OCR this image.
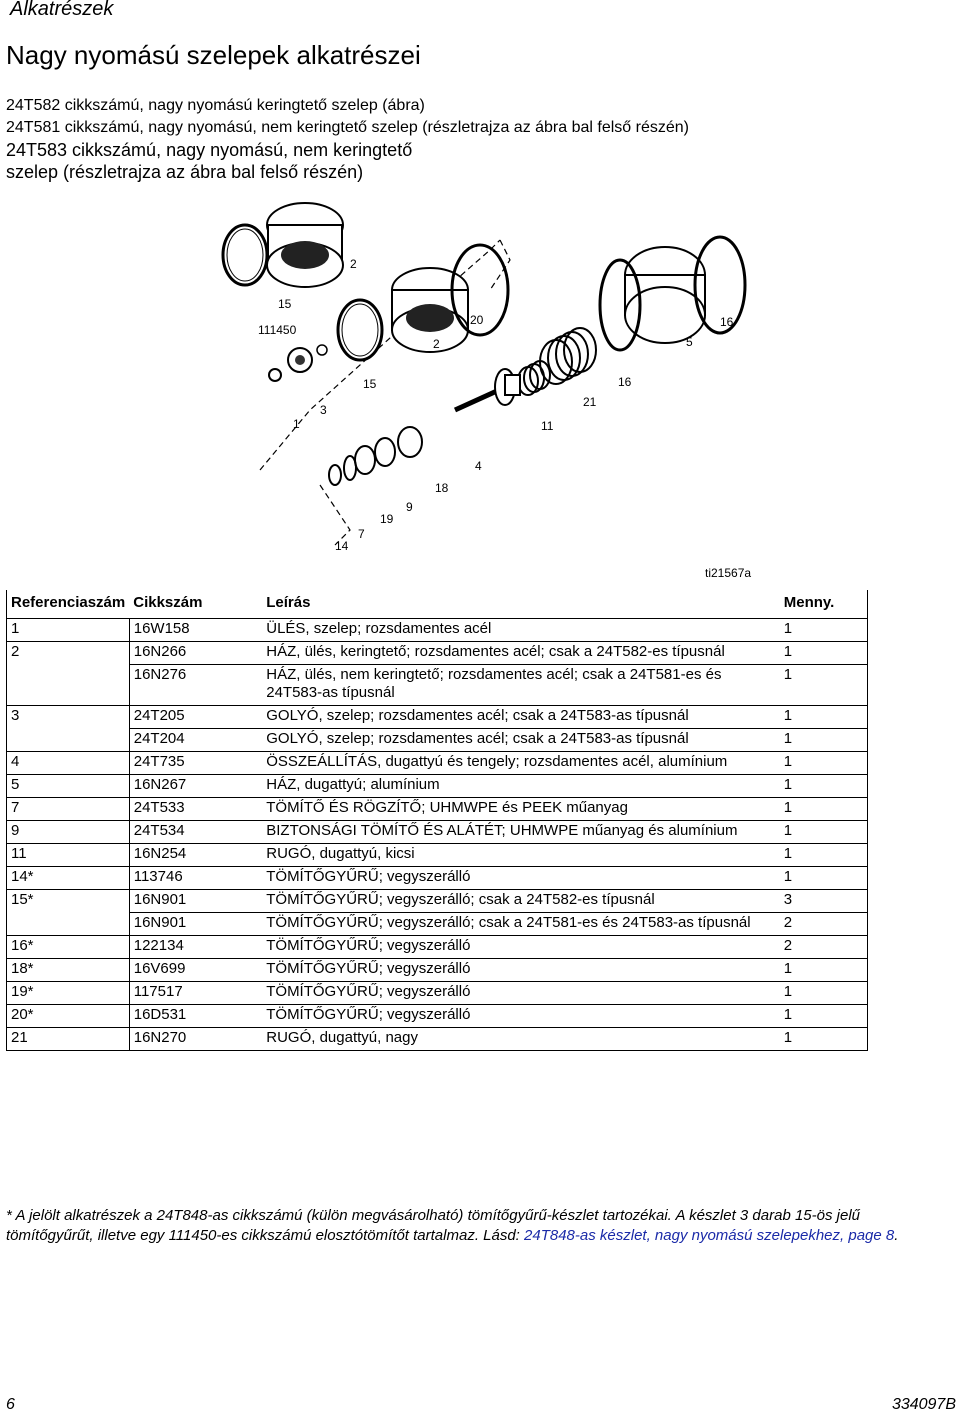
Alkatrészek
Nagy nyomású szelepek alkatrészei
24T582 cikkszámú, nagy nyomású keringtető szelep (ábra)
24T581 cikkszámú, nagy nyomású, nem keringtető szelep (részletrajza az ábra bal felső részén)
24T583 cikkszámú, nagy nyomású, nem keringtető
szelep (részletrajza az ábra bal felső részén)
2
15
111450
20
2
16
5
15	16
3
1
21
11
4
18
9
19
7
14
ti21567a
Referenciaszám	Cikkszám	Leírás	Menny.
1	16W158	ÜLÉS, szelep; rozsdamentes acél	1
2	16N266	HÁZ, ülés, keringtető; rozsdamentes acél; csak a 24T582-es típusnál	1
	16N276	HÁZ, ülés, nem keringtető; rozsdamentes acél; csak a 24T581-es és 24T583-as típusnál	1
3	24T205	GOLYÓ, szelep; rozsdamentes acél; csak a 24T583-as típusnál	1
	24T204	GOLYÓ, szelep; rozsdamentes acél; csak a 24T583-as típusnál	1
4	24T735	ÖSSZEÁLLÍTÁS, dugattyú és tengely; rozsdamentes acél, alumínium	1
5	16N267	HÁZ, dugattyú; alumínium	1
7	24T533	TÖMÍTŐ ÉS RÖGZÍTŐ; UHMWPE és PEEK műanyag	1
9	24T534	BIZTONSÁGI TÖMÍTŐ ÉS ALÁTÉT; UHMWPE műanyag és alumínium	1
11	16N254	RUGÓ, dugattyú, kicsi	1
14*	113746	TÖMÍTŐGYŰRŰ; vegyszerálló	1
15*	16N901	TÖMÍTŐGYŰRŰ; vegyszerálló; csak a 24T582-es típusnál	3
	16N901	TÖMÍTŐGYŰRŰ; vegyszerálló; csak a 24T581-es és 24T583-as típusnál	2
16*	122134	TÖMÍTŐGYŰRŰ; vegyszerálló	2
18*	16V699	TÖMÍTŐGYŰRŰ; vegyszerálló	1
19*	117517	TÖMÍTŐGYŰRŰ; vegyszerálló	1
20*	16D531	TÖMÍTŐGYŰRŰ; vegyszerálló	1
21	16N270	RUGÓ, dugattyú, nagy	1
* A jelölt alkatrészek a 24T848-as cikkszámú (külön megvásárolható) tömítőgyűrű-készlet tartozékai. A készlet 3 darab 15-ös jelű tömítőgyűrűt, illetve egy 111450-es cikkszámú elosztótömítőt tartalmaz. Lásd: 24T848-as készlet, nagy nyomású szelepekhez, page 8.
6	334097B
